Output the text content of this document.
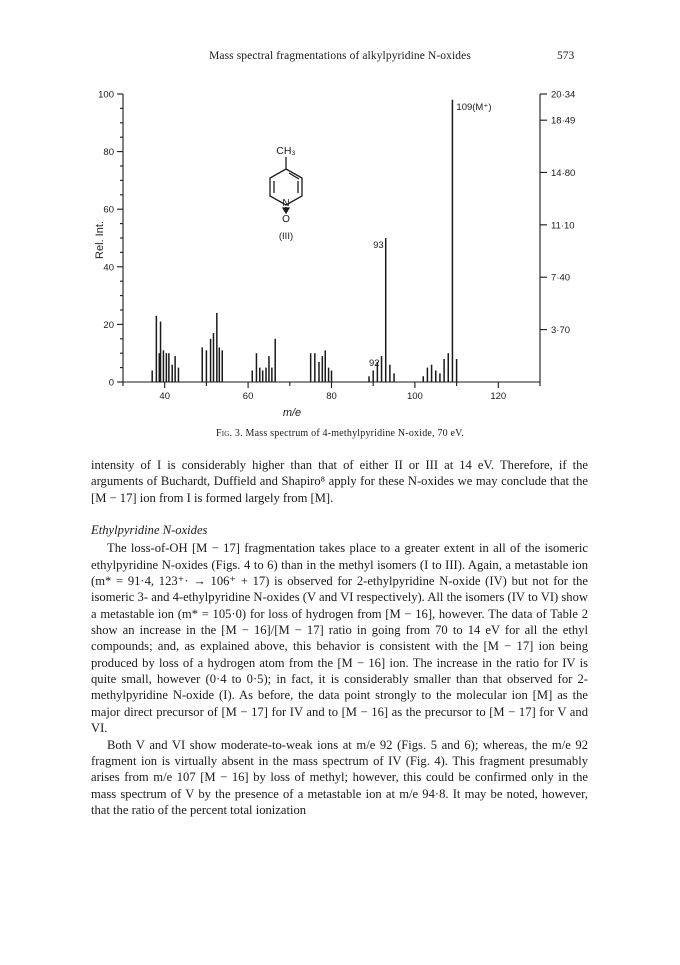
Mass spectral fragmentations of alkylpyridine N-oxides	573
0
20
40
60
80
100
40	60	80	100	120
3·70
7·40
11·10
14·80
18·49
20·34
m/e
Rel. Int.
109(M⁺)
93
92
CH₃
N
O
(III)
Fig. 3. Mass spectrum of 4-methylpyridine N-oxide, 70 eV.

intensity of I is considerably higher than that of either II or III at 14 eV. Therefore, if the arguments of Buchardt, Duffield and Shapiro⁸ apply for these N-oxides we may conclude that the [M − 17] ion from I is formed largely from [M].

Ethylpyridine N-oxides

The loss-of-OH [M − 17] fragmentation takes place to a greater extent in all of the isomeric ethylpyridine N-oxides (Figs. 4 to 6) than in the methyl isomers (I to III). Again, a metastable ion (m* = 91·4, 123⁺· → 106⁺ + 17) is observed for 2-ethylpyridine N-oxide (IV) but not for the isomeric 3- and 4-ethylpyridine N-oxides (V and VI respectively). All the isomers (IV to VI) show a metastable ion (m* = 105·0) for loss of hydrogen from [M − 16], however. The data of Table 2 show an increase in the [M − 16]/[M − 17] ratio in going from 70 to 14 eV for all the ethyl compounds; and, as explained above, this behavior is consistent with the [M − 17] ion being produced by loss of a hydrogen atom from the [M − 16] ion. The increase in the ratio for IV is quite small, however (0·4 to 0·5); in fact, it is considerably smaller than that observed for 2-methylpyridine N-oxide (I). As before, the data point strongly to the molecular ion [M] as the major direct precursor of [M − 17] for IV and to [M − 16] as the precursor to [M − 17] for V and VI.

Both V and VI show moderate-to-weak ions at m/e 92 (Figs. 5 and 6); whereas, the m/e 92 fragment ion is virtually absent in the mass spectrum of IV (Fig. 4). This fragment presumably arises from m/e 107 [M − 16] by loss of methyl; however, this could be confirmed only in the mass spectrum of V by the presence of a metastable ion at m/e 94·8. It may be noted, however, that the ratio of the percent total ionization
